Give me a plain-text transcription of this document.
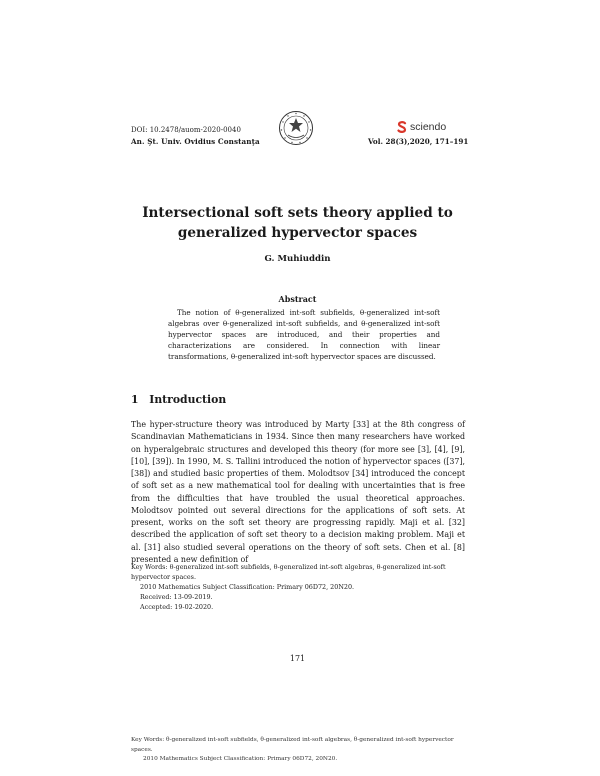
DOI: 10.2478/auom-2020-0040
An. Şt. Univ. Ovidius Constanţa
sciendo
Vol. 28(3),2020, 171–191
Intersectional soft sets theory applied to
generalized hypervector spaces
G. Muhiuddin
Abstract

The notion of θ-generalized int-soft subfields, θ-generalized int-soft algebras over θ-generalized int-soft subfields, and θ-generalized int-soft hypervector spaces are introduced, and their properties and characterizations are considered. In connection with linear transformations, θ-generalized int-soft hypervector spaces are discussed.

1 Introduction

The hyper-structure theory was introduced by Marty [33] at the 8th congress of Scandinavian Mathematicians in 1934. Since then many researchers have worked on hyperalgebraic structures and developed this theory (for more see [3], [4], [9], [10], [39]). In 1990, M. S. Tallini introduced the notion of hypervector spaces ([37], [38]) and studied basic properties of them. Molodtsov [34] introduced the concept of soft set as a new mathematical tool for dealing with uncertainties that is free from the difficulties that have troubled the usual theoretical approaches. Molodtsov pointed out several directions for the applications of soft sets. At present, works on the soft set theory are progressing rapidly. Maji et al. [32] described the application of soft set theory to a decision making problem. Maji et al. [31] also studied several operations on the theory of soft sets. Chen et al. [8] presented a new definition of

Key Words: θ-generalized int-soft subfields, θ-generalized int-soft algebras, θ-generalized int-soft hypervector spaces.
2010 Mathematics Subject Classification: Primary 06D72, 20N20.
Received: 13-09-2019.
Accepted: 19-02-2020.
171
Key Words: θ-generalized int-soft subfields, θ-generalized int-soft algebras, θ-generalized int-soft hypervector spaces.
2010 Mathematics Subject Classification: Primary 06D72, 20N20.
